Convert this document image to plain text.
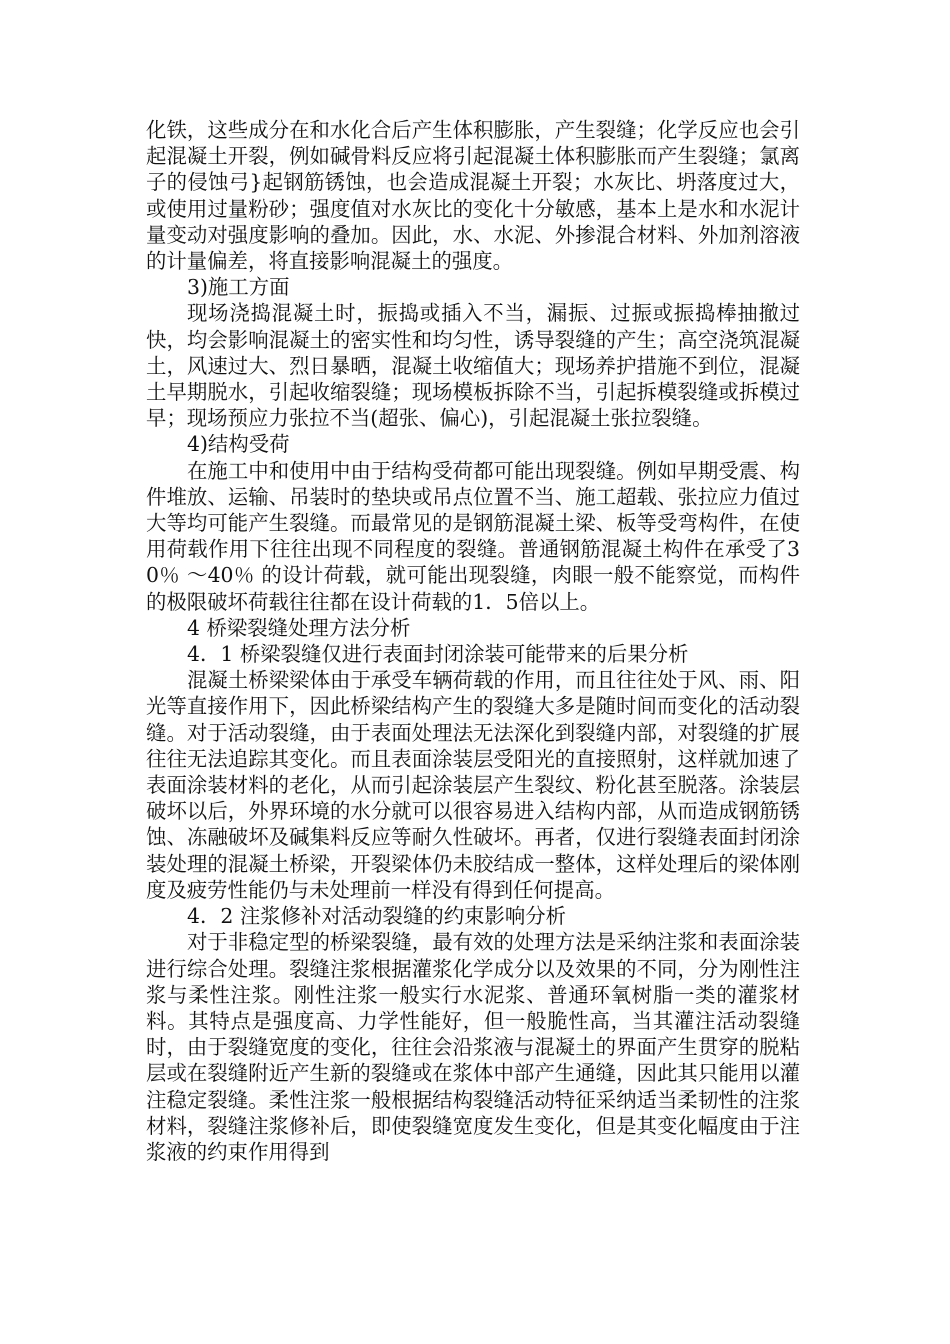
化铁，这些成分在和水化合后产生体积膨胀，产生裂缝；化学反应也会引起混凝土开裂，例如碱骨料反应将引起混凝土体积膨胀而产生裂缝；氯离子的侵蚀弓}起钢筋锈蚀，也会造成混凝土开裂；水灰比、坍落度过大，或使用过量粉砂；强度值对水灰比的变化十分敏感，基本上是水和水泥计量变动对强度影响的叠加。因此，水、水泥、外掺混合材料、外加剂溶液的计量偏差，将直接影响混凝土的强度。

3)施工方面

现场浇捣混凝土时，振捣或插入不当，漏振、过振或振捣棒抽撤过快，均会影响混凝土的密实性和均匀性，诱导裂缝的产生；高空浇筑混凝土，风速过大、烈日暴晒，混凝土收缩值大；现场养护措施不到位，混凝土早期脱水，引起收缩裂缝；现场模板拆除不当，引起拆模裂缝或拆模过早；现场预应力张拉不当(超张、偏心)，引起混凝土张拉裂缝。

4)结构受荷

在施工中和使用中由于结构受荷都可能出现裂缝。例如早期受震、构件堆放、运输、吊装时的垫块或吊点位置不当、施工超载、张拉应力值过大等均可能产生裂缝。而最常见的是钢筋混凝土梁、板等受弯构件，在使用荷载作用下往往出现不同程度的裂缝。普通钢筋混凝土构件在承受了30％ ～40％ 的设计荷载，就可能出现裂缝，肉眼一般不能察觉，而构件的极限破坏荷载往往都在设计荷载的1．5倍以上。

4 桥梁裂缝处理方法分析

4．1 桥梁裂缝仅进行表面封闭涂装可能带来的后果分析

混凝土桥梁梁体由于承受车辆荷载的作用，而且往往处于风、雨、阳光等直接作用下，因此桥梁结构产生的裂缝大多是随时间而变化的活动裂缝。对于活动裂缝，由于表面处理法无法深化到裂缝内部，对裂缝的扩展往往无法追踪其变化。而且表面涂装层受阳光的直接照射，这样就加速了表面涂装材料的老化，从而引起涂装层产生裂纹、粉化甚至脱落。涂装层破坏以后，外界环境的水分就可以很容易进入结构内部，从而造成钢筋锈蚀、冻融破坏及碱集料反应等耐久性破坏。再者，仅进行裂缝表面封闭涂装处理的混凝土桥梁，开裂梁体仍未胶结成一整体，这样处理后的梁体刚度及疲劳性能仍与未处理前一样没有得到任何提高。

4．2 注浆修补对活动裂缝的约束影响分析

对于非稳定型的桥梁裂缝，最有效的处理方法是采纳注浆和表面涂装进行综合处理。裂缝注浆根据灌浆化学成分以及效果的不同，分为刚性注浆与柔性注浆。刚性注浆一般实行水泥浆、普通环氧树脂一类的灌浆材料。其特点是强度高、力学性能好，但一般脆性高，当其灌注活动裂缝时，由于裂缝宽度的变化，往往会沿浆液与混凝土的界面产生贯穿的脱粘层或在裂缝附近产生新的裂缝或在浆体中部产生通缝，因此其只能用以灌注稳定裂缝。柔性注浆一般根据结构裂缝活动特征采纳适当柔韧性的注浆材料，裂缝注浆修补后，即使裂缝宽度发生变化，但是其变化幅度由于注浆液的约束作用得到
